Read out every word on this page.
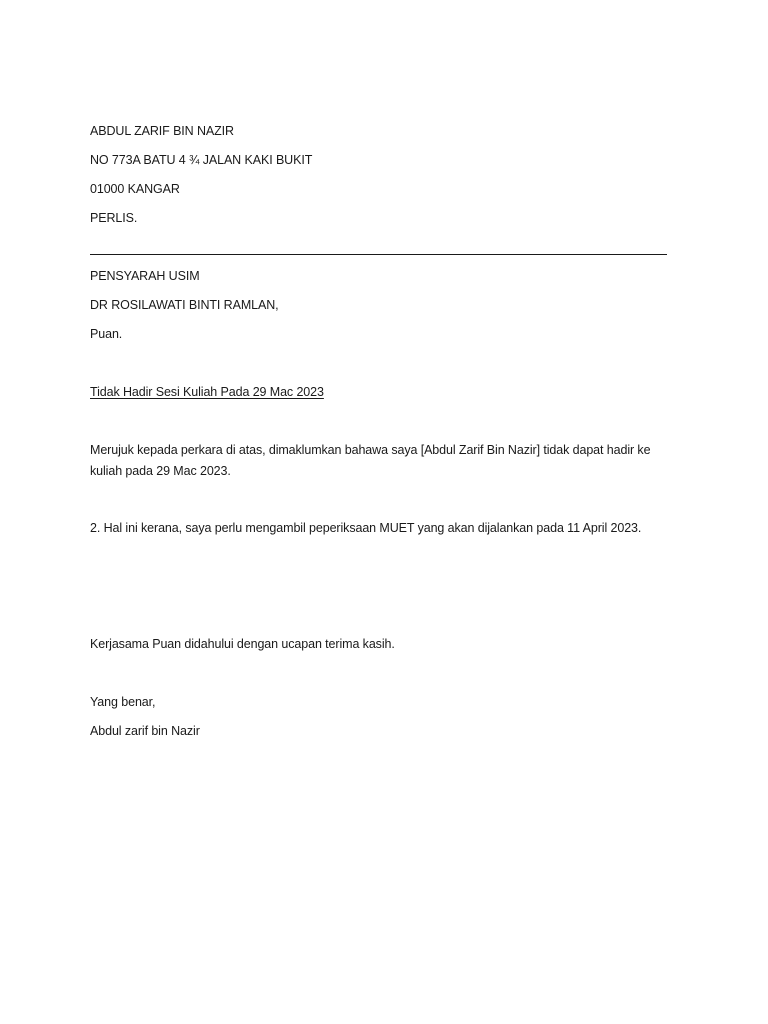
ABDUL ZARIF BIN NAZIR
NO 773A BATU 4 ¾ JALAN KAKI BUKIT
01000 KANGAR
PERLIS.
PENSYARAH USIM
DR ROSILAWATI BINTI RAMLAN,
Puan.
Tidak Hadir Sesi Kuliah Pada 29 Mac 2023
Merujuk kepada perkara di atas, dimaklumkan bahawa saya [Abdul Zarif Bin Nazir] tidak dapat hadir ke
kuliah pada 29 Mac 2023.
2. Hal ini kerana, saya perlu mengambil peperiksaan MUET yang akan dijalankan pada 11 April 2023.
Kerjasama Puan didahului dengan ucapan terima kasih.
Yang benar,
Abdul zarif bin Nazir
